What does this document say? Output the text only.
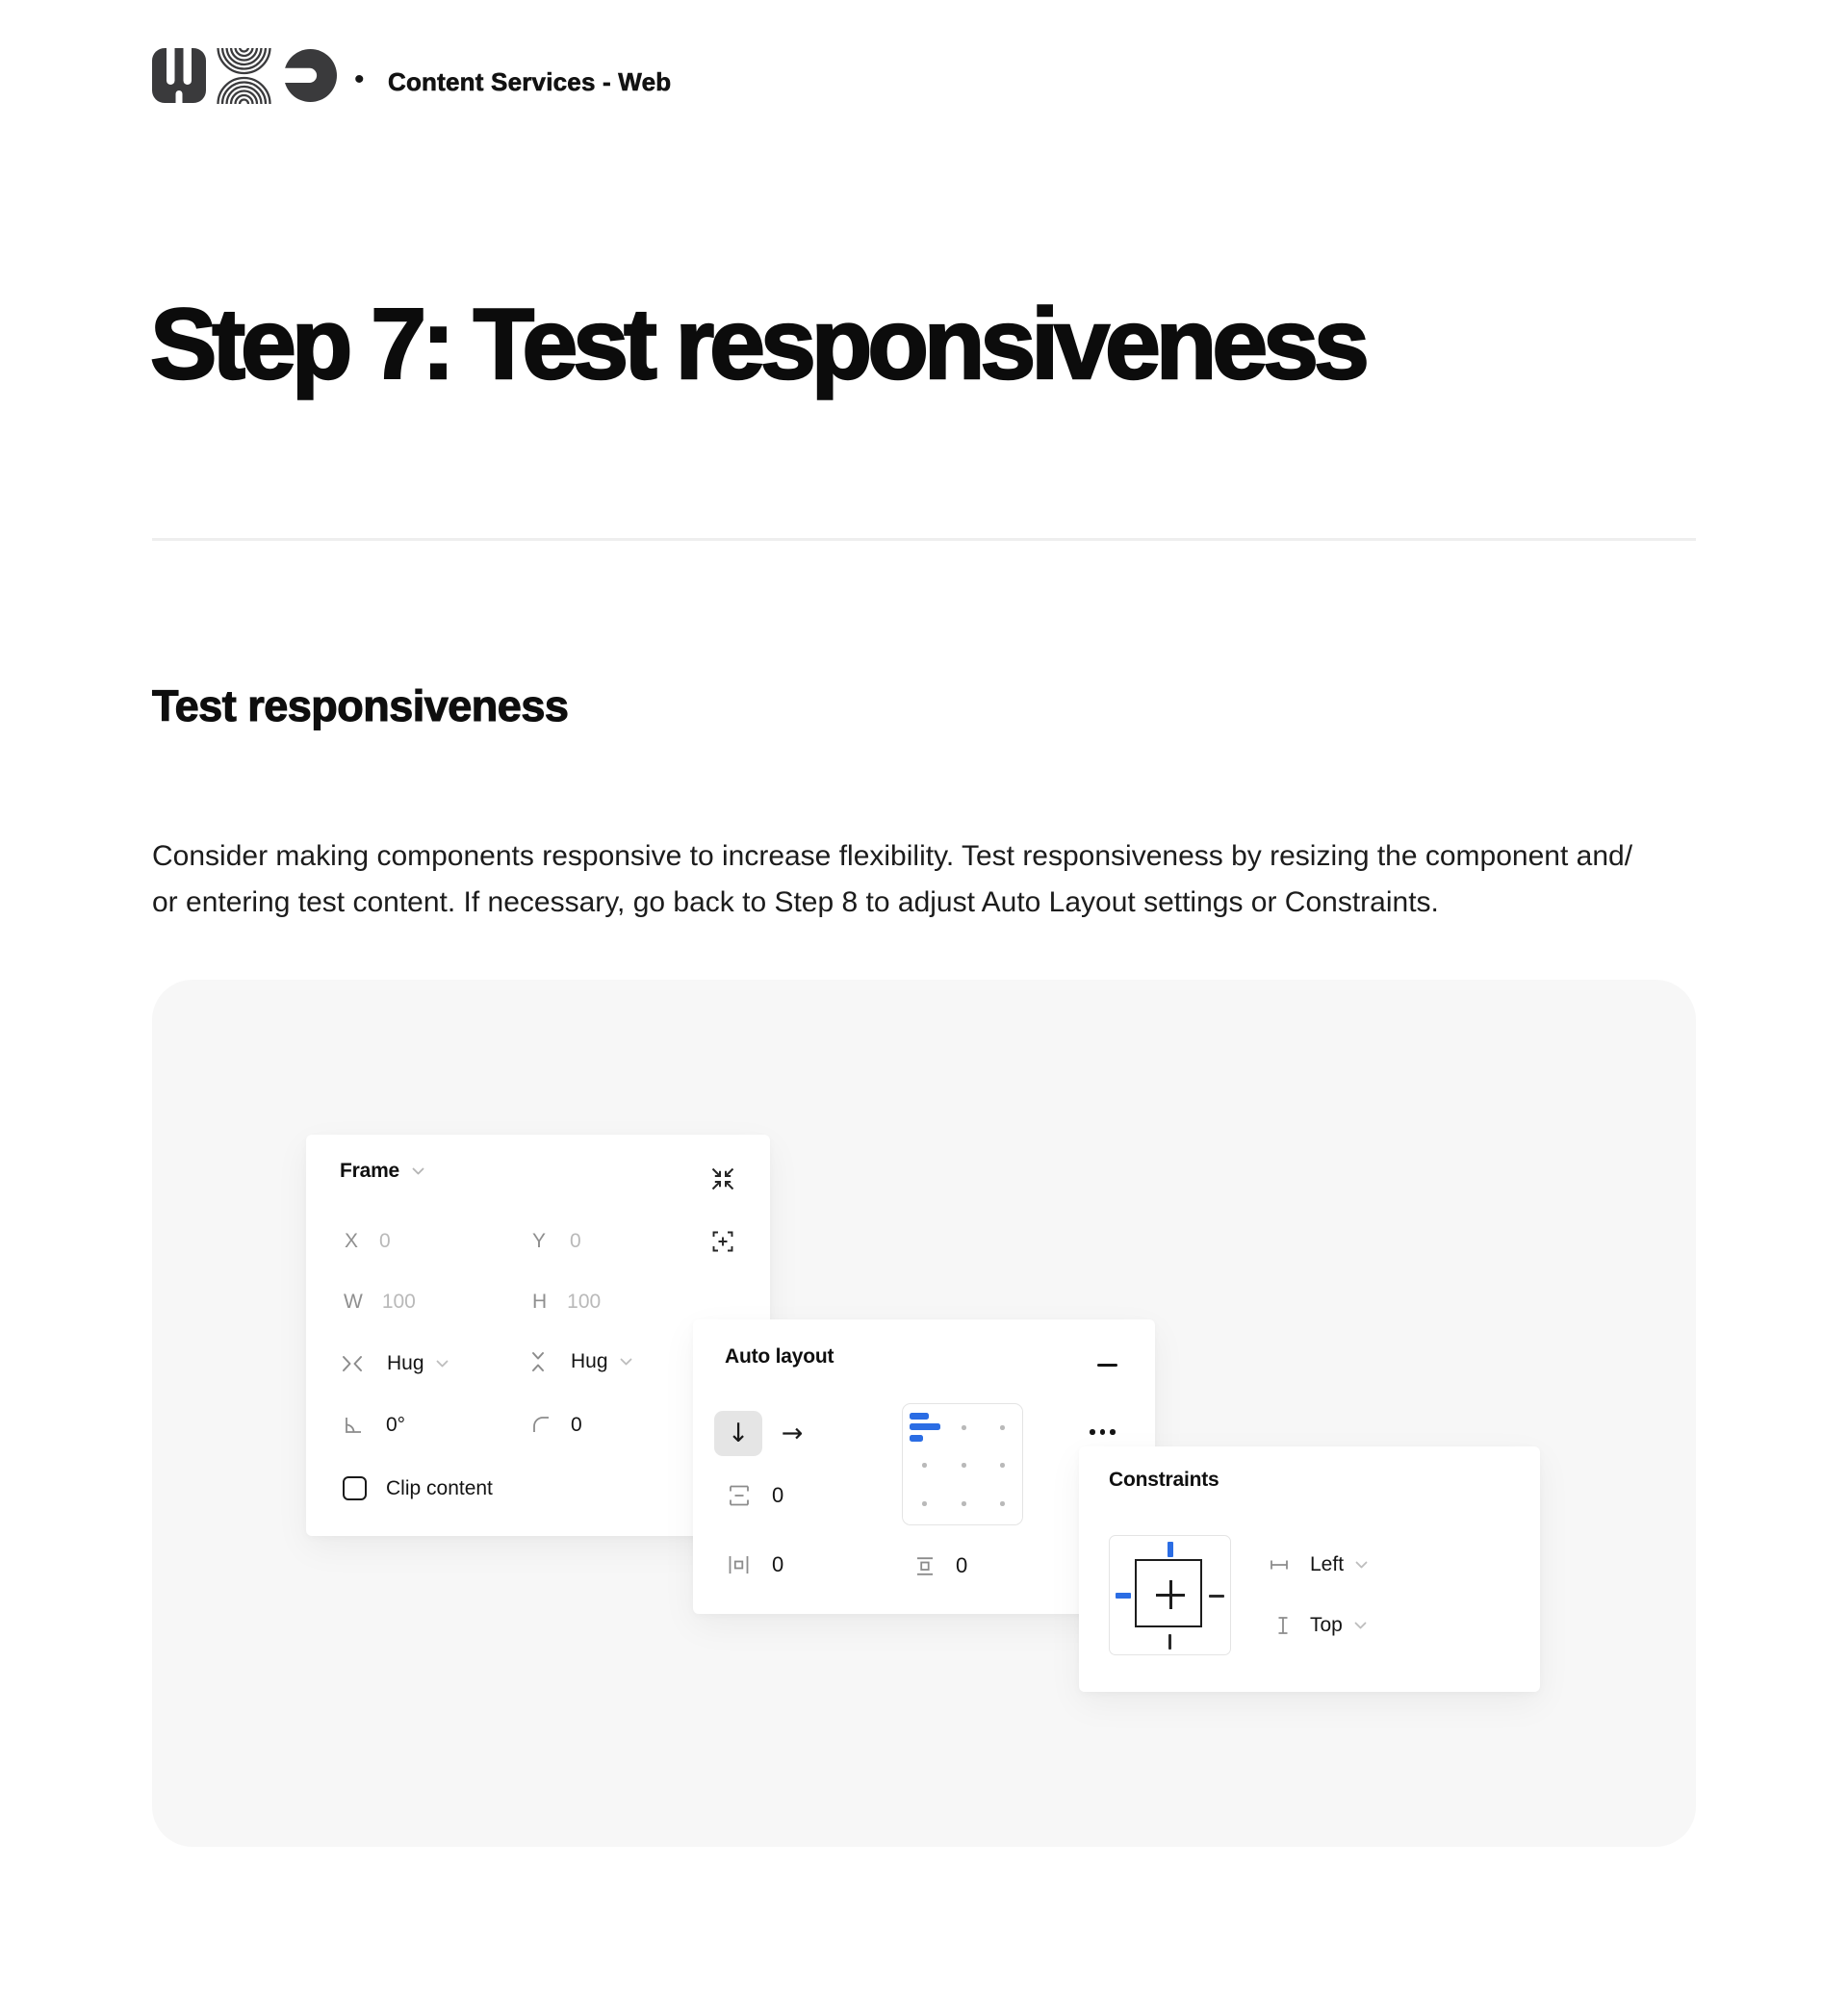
• Content Services - Web
Step 7: Test responsiveness
Test responsiveness

Consider making components responsive to increase flexibility. Test responsiveness by resizing the component and/
or entering test content. If necessary, go back to Step 8 to adjust Auto Layout settings or Constraints.

Frame
X 0	Y 0
W 100	H 100
Hug	Hug
0°	0
Clip content
Auto layout
↓ →
0
0	0
Constraints
Left
Top
